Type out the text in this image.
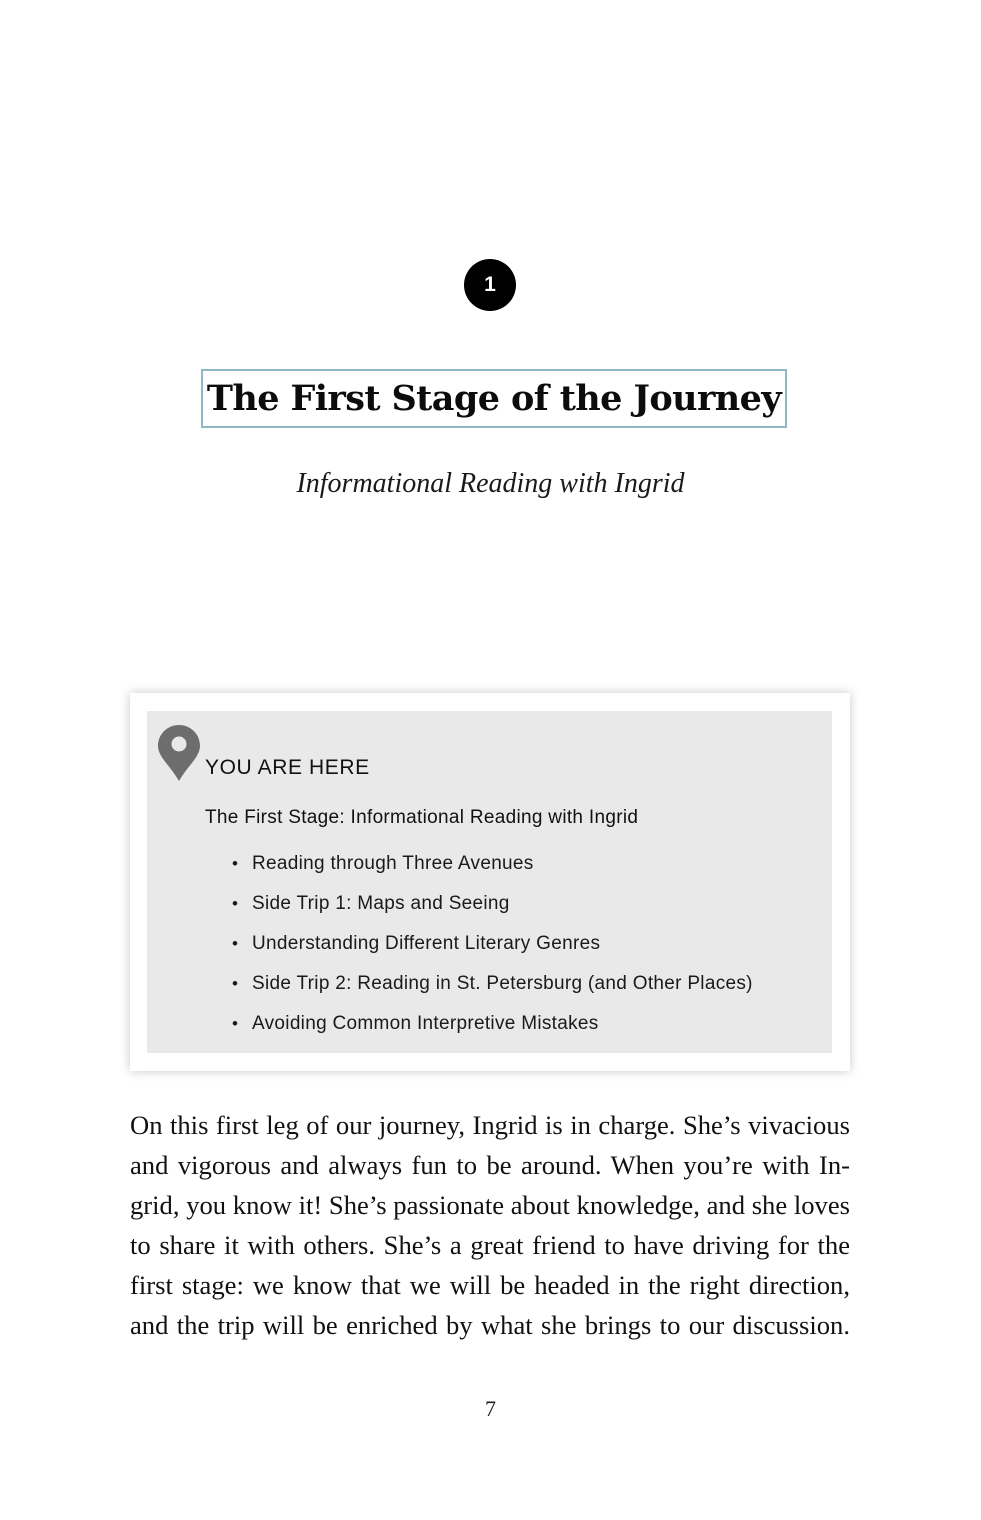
1
The First Stage of the Journey
Informational Reading with Ingrid
YOU ARE HERE

The First Stage: Informational Reading with Ingrid

• Reading through Three Avenues
• Side Trip 1: Maps and Seeing
• Understanding Different Literary Genres
• Side Trip 2: Reading in St. Petersburg (and Other Places)
• Avoiding Common Interpretive Mistakes
On this first leg of our journey, Ingrid is in charge. She’s vivacious
and vigorous and always fun to be around. When you’re with In-
grid, you know it! She’s passionate about knowledge, and she loves
to share it with others. She’s a great friend to have driving for the
first stage: we know that we will be headed in the right direction,
and the trip will be enriched by what she brings to our discussion.
7
